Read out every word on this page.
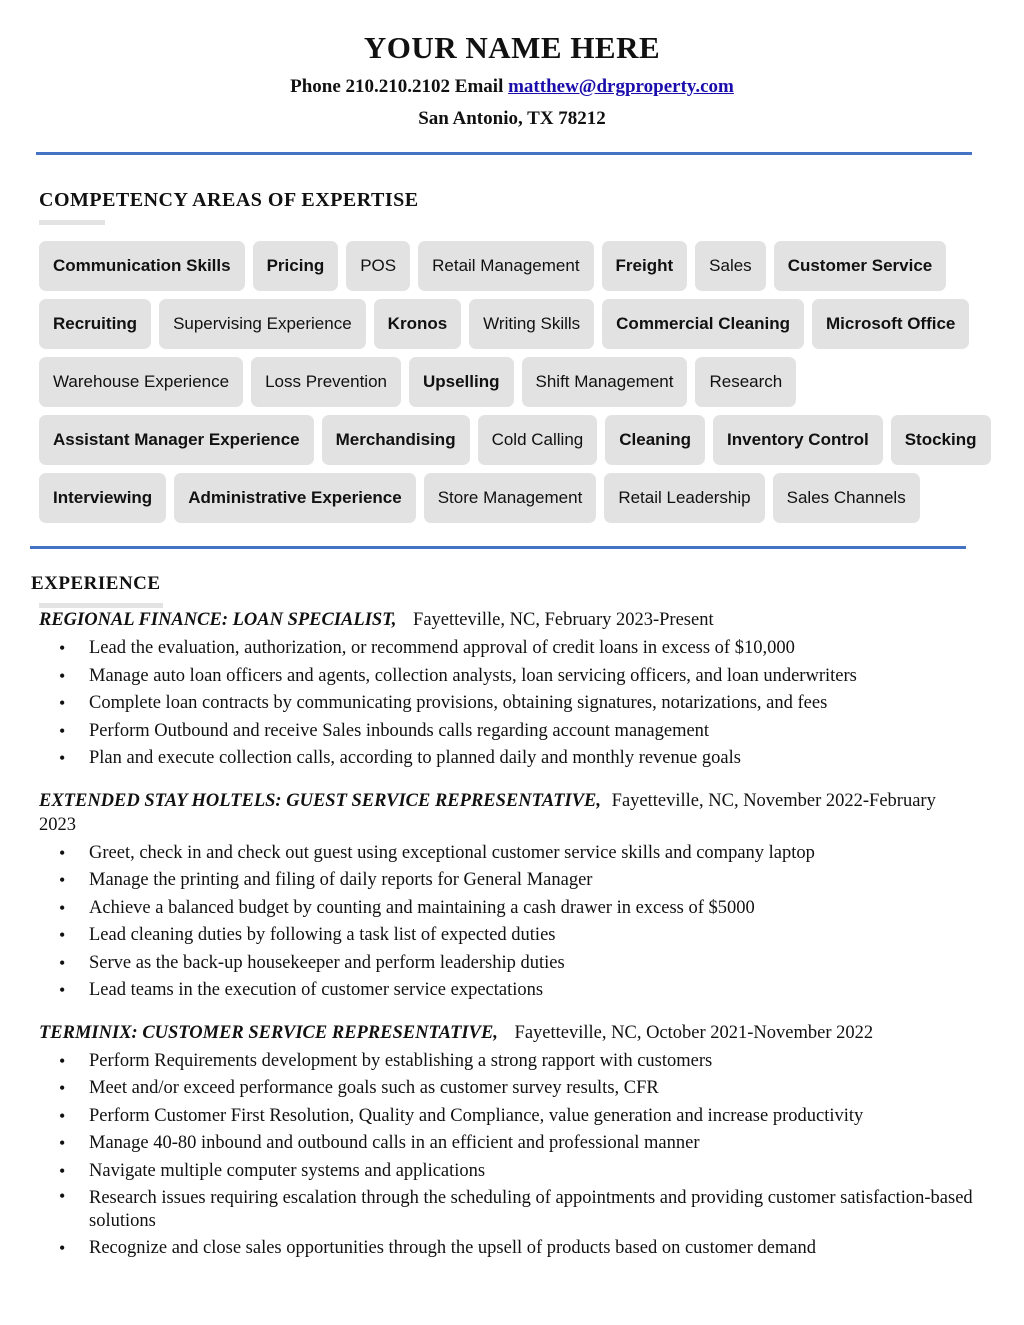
YOUR NAME HERE
Phone 210.210.2102 Email matthew@drgproperty.com
San Antonio, TX 78212
COMPETENCY AREAS OF EXPERTISE
Communication Skills	Pricing	POS	Retail Management	Freight	Sales	Customer Service
Recruiting	Supervising Experience	Kronos	Writing Skills	Commercial Cleaning	Microsoft Office
Warehouse Experience	Loss Prevention	Upselling	Shift Management	Research
Assistant Manager Experience	Merchandising	Cold Calling	Cleaning	Inventory Control	Stocking
Interviewing	Administrative Experience	Store Management	Retail Leadership	Sales Channels
EXPERIENCE
REGIONAL FINANCE: LOAN SPECIALIST, Fayetteville, NC, February 2023-Present
• Lead the evaluation, authorization, or recommend approval of credit loans in excess of $10,000
• Manage auto loan officers and agents, collection analysts, loan servicing officers, and loan underwriters
• Complete loan contracts by communicating provisions, obtaining signatures, notarizations, and fees
• Perform Outbound and receive Sales inbounds calls regarding account management
• Plan and execute collection calls, according to planned daily and monthly revenue goals
EXTENDED STAY HOLTELS: GUEST SERVICE REPRESENTATIVE, Fayetteville, NC, November 2022-February 2023
• Greet, check in and check out guest using exceptional customer service skills and company laptop
• Manage the printing and filing of daily reports for General Manager
• Achieve a balanced budget by counting and maintaining a cash drawer in excess of $5000
• Lead cleaning duties by following a task list of expected duties
• Serve as the back-up housekeeper and perform leadership duties
• Lead teams in the execution of customer service expectations
TERMINIX: CUSTOMER SERVICE REPRESENTATIVE, Fayetteville, NC, October 2021-November 2022
• Perform Requirements development by establishing a strong rapport with customers
• Meet and/or exceed performance goals such as customer survey results, CFR
• Perform Customer First Resolution, Quality and Compliance, value generation and increase productivity
• Manage 40-80 inbound and outbound calls in an efficient and professional manner
• Navigate multiple computer systems and applications
• Research issues requiring escalation through the scheduling of appointments and providing customer satisfaction-based solutions
• Recognize and close sales opportunities through the upsell of products based on customer demand
